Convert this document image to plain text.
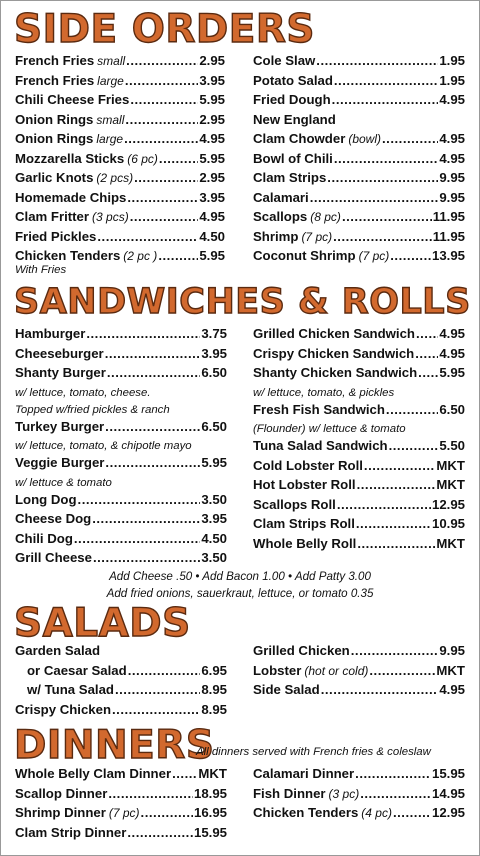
SIDE ORDERS
French Fries small .....	2.95
French Fries large .....	3.95
Chili Cheese Fries .....	5.95
Onion Rings small .....	2.95
Onion Rings large .....	4.95
Mozzarella Sticks (6 pc) .....	5.95
Garlic Knots (2 pcs) .....	2.95
Homemade Chips .....	3.95
Clam Fritter (3 pcs) .....	4.95
Fried Pickles .....	4.50
Chicken Tenders (2 pc ) .....	5.95
Cole Slaw .....	1.95
Potato Salad .....	1.95
Fried Dough .....	4.95
New England
Clam Chowder (bowl) .....	4.95
Bowl of Chili .....	4.95
Clam Strips .....	9.95
Calamari .....	9.95
Scallops (8 pc) .....	11.95
Shrimp (7 pc) .....	11.95
Coconut Shrimp (7 pc) .....	13.95
With Fries
SANDWICHES & ROLLS
Hamburger .....	3.75
Cheeseburger .....	3.95
Shanty Burger .....	6.50
w/ lettuce, tomato, cheese.
Topped w/fried pickles & ranch
Turkey Burger .....	6.50
w/ lettuce, tomato, & chipotle mayo
Veggie Burger .....	5.95
w/ lettuce & tomato
Long Dog .....	3.50
Cheese Dog .....	3.95
Chili Dog .....	4.50
Grill Cheese .....	3.50
Grilled Chicken Sandwich ..... 4.95
Crispy Chicken Sandwich ..... 4.95
Shanty Chicken Sandwich ..... 5.95
w/ lettuce, tomato, & pickles
Fresh Fish Sandwich .....	6.50
(Flounder) w/ lettuce & tomato
Tuna Salad Sandwich .....	5.50
Cold Lobster Roll .....	MKT
Hot Lobster Roll .....	MKT
Scallops Roll .....	12.95
Clam Strips Roll .....	10.95
Whole Belly Roll .....	MKT
Add Cheese .50 • Add Bacon 1.00 • Add Patty 3.00
Add fried onions, sauerkraut, lettuce, or tomato 0.35
SALADS
Garden Salad
or Caesar Salad .....	6.95
w/ Tuna Salad .....	8.95
Crispy Chicken .....	8.95
Grilled Chicken .....	9.95
Lobster (hot or cold) .....	MKT
Side Salad .....	4.95
DINNERS
All dinners served with French fries & coleslaw
Whole Belly Clam Dinner ..... MKT
Scallop Dinner .....	18.95
Shrimp Dinner (7 pc) .....	16.95
Clam Strip Dinner .....	15.95
Calamari Dinner .....	15.95
Fish Dinner (3 pc) .....	14.95
Chicken Tenders (4 pc) .....	12.95
